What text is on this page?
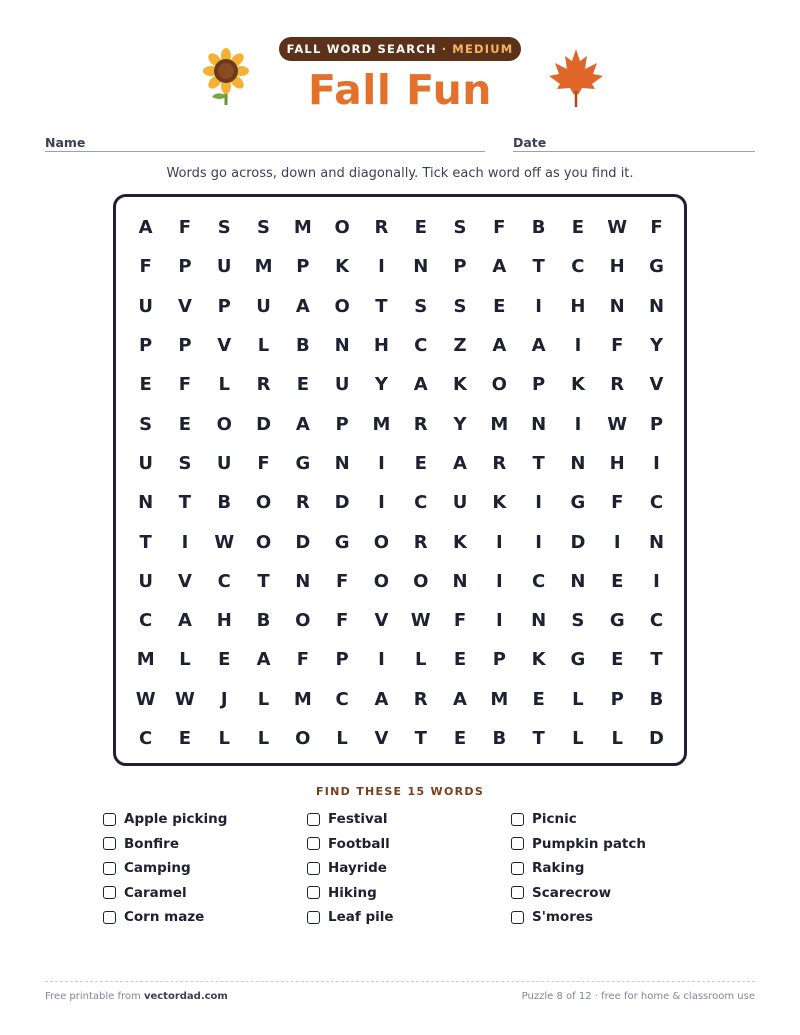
FALL WORD SEARCH · MEDIUM
Fall Fun
Name	Date
Words go across, down and diagonally. Tick each word off as you find it.
A	F	S	S	M	O	R	E	S	F	B	E	W	F
F	P	U	M	P	K	I	N	P	A	T	C	H	G
U	V	P	U	A	O	T	S	S	E	I	H	N	N
P	P	V	L	B	N	H	C	Z	A	A	I	F	Y
E	F	L	R	E	U	Y	A	K	O	P	K	R	V
S	E	O	D	A	P	M	R	Y	M	N	I	W	P
U	S	U	F	G	N	I	E	A	R	T	N	H	I
N	T	B	O	R	D	I	C	U	K	I	G	F	C
T	I	W	O	D	G	O	R	K	I	I	D	I	N
U	V	C	T	N	F	O	O	N	I	C	N	E	I
C	A	H	B	O	F	V	W	F	I	N	S	G	C
M	L	E	A	F	P	I	L	E	P	K	G	E	T
W	W	J	L	M	C	A	R	A	M	E	L	P	B
C	E	L	L	O	L	V	T	E	B	T	L	L	D
FIND THESE 15 WORDS
Apple picking
Bonfire
Camping
Caramel
Corn maze
Festival
Football
Hayride
Hiking
Leaf pile
Picnic
Pumpkin patch
Raking
Scarecrow
S'mores
Free printable from vectordad.com	Puzzle 8 of 12 · free for home & classroom use
